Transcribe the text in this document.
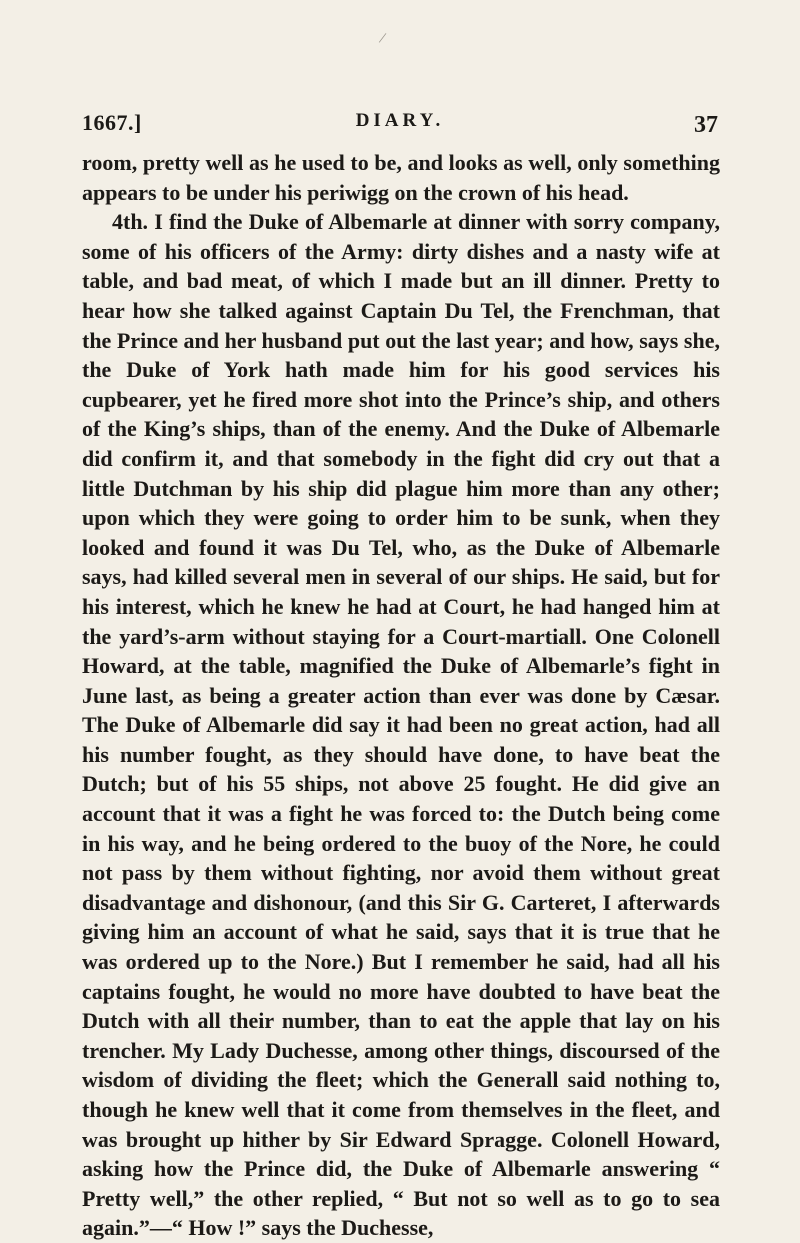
/
1667.]	DIARY.	37

room, pretty well as he used to be, and looks as well, only something appears to be under his periwigg on the crown of his head.

4th. I find the Duke of Albemarle at dinner with sorry company, some of his officers of the Army: dirty dishes and a nasty wife at table, and bad meat, of which I made but an ill dinner. Pretty to hear how she talked against Captain Du Tel, the Frenchman, that the Prince and her husband put out the last year; and how, says she, the Duke of York hath made him for his good services his cupbearer, yet he fired more shot into the Prince’s ship, and others of the King’s ships, than of the enemy. And the Duke of Albemarle did confirm it, and that somebody in the fight did cry out that a little Dutchman by his ship did plague him more than any other; upon which they were going to order him to be sunk, when they looked and found it was Du Tel, who, as the Duke of Albemarle says, had killed several men in several of our ships. He said, but for his interest, which he knew he had at Court, he had hanged him at the yard’s-arm without staying for a Court-martiall. One Colonell Howard, at the table, magnified the Duke of Albemarle’s fight in June last, as being a greater action than ever was done by Cæsar. The Duke of Albemarle did say it had been no great action, had all his number fought, as they should have done, to have beat the Dutch; but of his 55 ships, not above 25 fought. He did give an account that it was a fight he was forced to: the Dutch being come in his way, and he being ordered to the buoy of the Nore, he could not pass by them without fighting, nor avoid them without great disadvantage and dishonour, (and this Sir G. Carteret, I afterwards giving him an account of what he said, says that it is true that he was ordered up to the Nore.) But I remember he said, had all his captains fought, he would no more have doubted to have beat the Dutch with all their number, than to eat the apple that lay on his trencher. My Lady Duchesse, among other things, discoursed of the wisdom of dividing the fleet; which the Generall said nothing to, though he knew well that it come from themselves in the fleet, and was brought up hither by Sir Edward Spragge. Colonell Howard, asking how the Prince did, the Duke of Albemarle answering “ Pretty well,” the other replied, “ But not so well as to go to sea again.”—“ How !” says the Duchesse,
